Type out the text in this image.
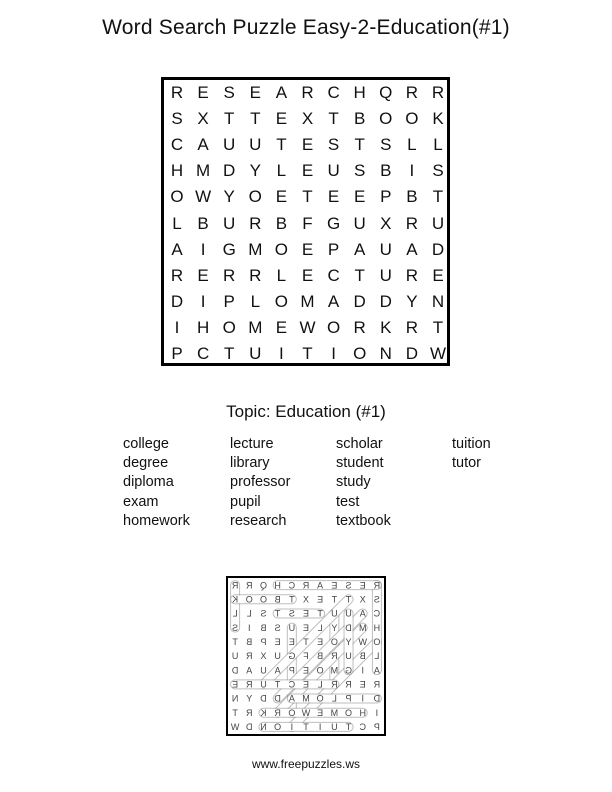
Word Search Puzzle Easy-2-Education(#1)
R E S E A R C H Q R R
S X T T E X T B O O K
C A U U T E S T S L L
H M D Y L E U S B	I	S
O W Y O E T E E P B T
L B U R B F G U X R U
A	I	G M O E P A U A D
R E R R L E C T U R E
D	I	P L O M A D D Y N
I	H O M E W O R K R T
P C T U	I	T	I	O N D W
Topic: Education (#1)
college
degree
diploma
exam
homework
lecture
library
professor
pupil
research
scholar
student
study
test
textbook
tuition
tutor
R
E
S
E
A
R
C
H
Q
R
R
S
X
T
T
E
X
T
B
O
O
K
C
A
U
U
T
E
S
T
S
L
L
H
M
D
Y
L
E
U
S
B
I
S
O
W
Y
O
E
T
E
E
P
B
T
L
B
U
R
B
F
G
U
X
R
U
A
I
G
M
O
E
P
A
U
A
D
R
E
R
R
L
E
C
T
U
R
E
D
I
P
L
O
M
A
D
D
Y
N
I
H
O
M
E
W
O
R
K
R
T
P
C
T
U
I
T
I
O
N
D
W
www.freepuzzles.ws
